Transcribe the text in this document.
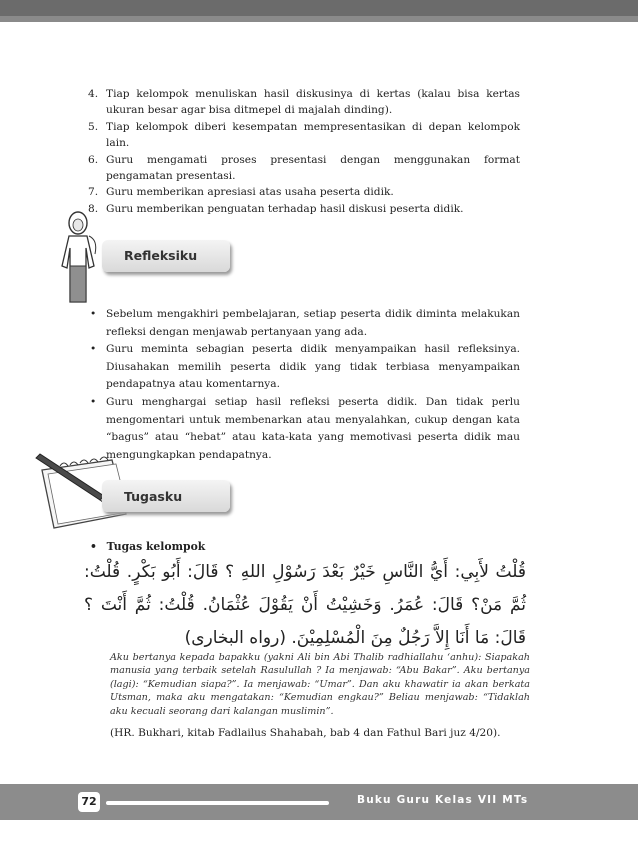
4. Tiap kelompok menuliskan hasil diskusinya di kertas (kalau bisa kertas ukuran besar agar bisa ditmepel di majalah dinding).
5. Tiap kelompok diberi kesempatan mempresentasikan di depan kelompok lain.
6. Guru mengamati proses presentasi dengan menggunakan format pengamatan presentasi.
7. Guru memberikan apresiasi atas usaha peserta didik.
8. Guru memberikan penguatan terhadap hasil diskusi peserta didik.
Refleksiku
• Sebelum mengakhiri pembelajaran, setiap peserta didik diminta melakukan refleksi dengan menjawab pertanyaan yang ada.
• Guru meminta sebagian peserta didik menyampaikan hasil refleksinya. Diusahakan memilih peserta didik yang tidak terbiasa menyampaikan pendapatnya atau komentarnya.
• Guru menghargai setiap hasil refleksi peserta didik. Dan tidak perlu mengomentari untuk membenarkan atau menyalahkan, cukup dengan kata “bagus” atau “hebat” atau kata-kata yang memotivasi peserta didik mau mengungkapkan pendapatnya.
Tugasku
• Tugas kelompok
قُلْتُ لأَبِي: أَيُّ النَّاسِ خَيْرٌ بَعْدَ رَسُوْلِ اللهِ ؟ قَالَ: أَبُو بَكْرٍ. قُلْتُ: ثُمَّ مَنْ؟ قَالَ: عُمَرُ. وَخَشِيْتُ أَنْ يَقُوْلَ عُثْمَانُ. قُلْتُ: ثُمَّ أَنْتَ ؟ قَالَ: مَا أَنَا إِلاَّ رَجُلٌ مِنَ الْمُسْلِمِيْنَ. (رواه البخارى)
Aku bertanya kepada bapakku (yakni Ali bin Abi Thalib radhiallahu ‘anhu): Siapakah manusia yang terbaik setelah Rasulullah ? Ia menjawab: “Abu Bakar”. Aku bertanya (lagi): “Kemudian siapa?”. Ia menjawab: “Umar”. Dan aku khawatir ia akan berkata Utsman, maka aku mengatakan: “Kemudian engkau?” Beliau menjawab: “Tidaklah aku kecuali seorang dari kalangan muslimin”.
(HR. Bukhari, kitab Fadlailus Shahabah, bab 4 dan Fathul Bari juz 4/20).
72	Buku Guru Kelas VII MTs
